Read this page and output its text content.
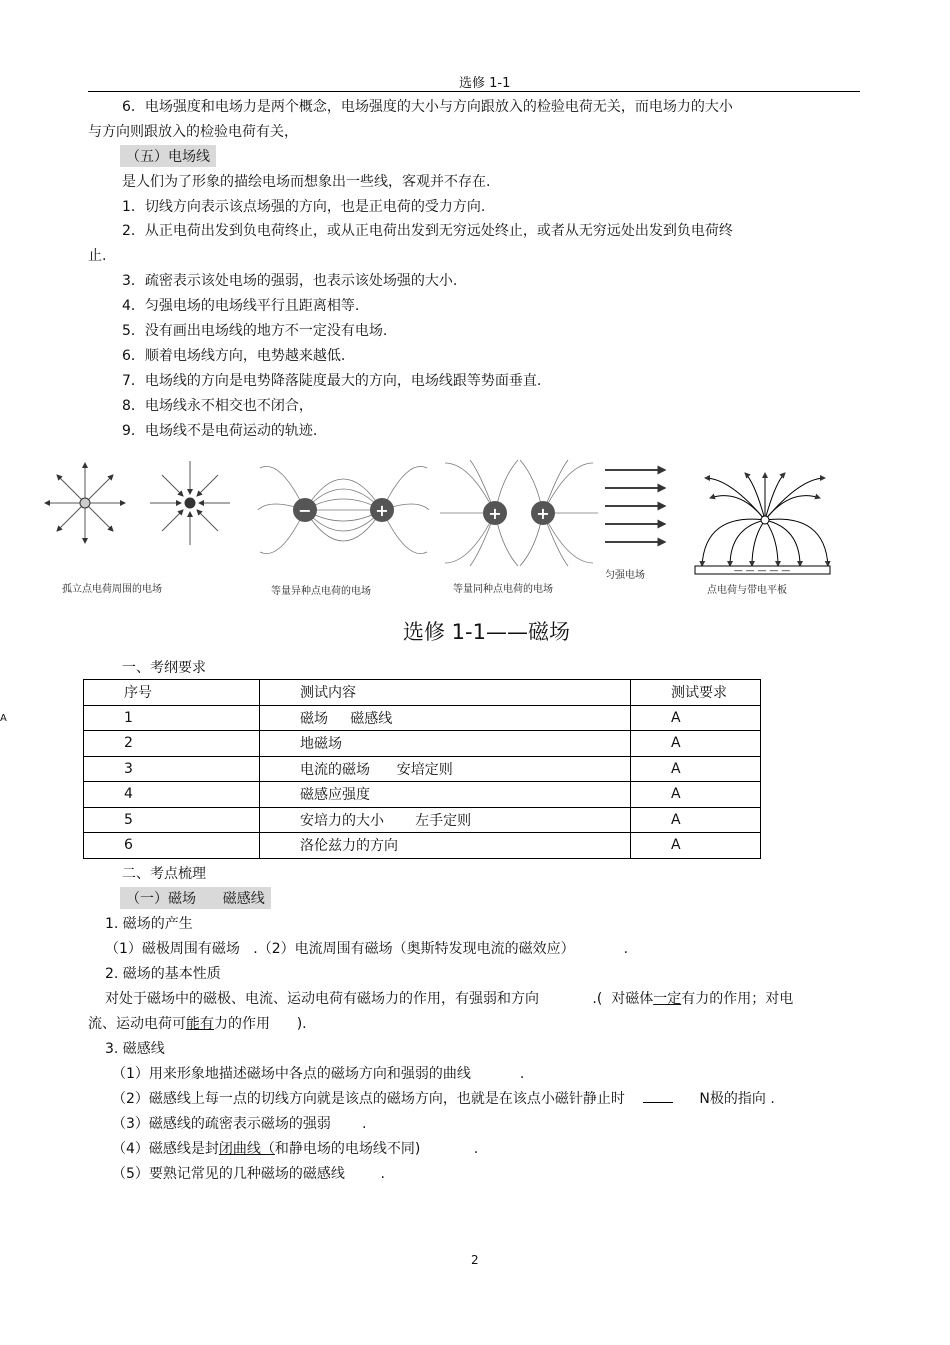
选修 1-1
6．电场强度和电场力是两个概念，电场强度的大小与方向跟放入的检验电荷无关，而电场力的大小
与方向则跟放入的检验电荷有关，
（五）电场线
是人们为了形象的描绘电场而想象出一些线，客观并不存在.
1．切线方向表示该点场强的方向，也是正电荷的受力方向.
2．从正电荷出发到负电荷终止，或从正电荷出发到无穷远处终止，或者从无穷远处出发到负电荷终
止.
3．疏密表示该处电场的强弱，也表示该处场强的大小.
4．匀强电场的电场线平行且距离相等.
5．没有画出电场线的地方不一定没有电场.
6．顺着电场线方向，电势越来越低.
7．电场线的方向是电势降落陡度最大的方向，电场线跟等势面垂直.
8．电场线永不相交也不闭合，
9．电场线不是电荷运动的轨迹.
−	+	+ +
— — — — —
孤立点电荷周围的电场	等量异种点电荷的电场	等量同种点电荷的电场
匀强电场
点电荷与带电平板
选修 1-1——磁场
一、考纲要求
A
序号	测试内容	测试要求
1	磁场     磁感线	A
2	地磁场	A
3	电流的磁场      安培定则	A
4	磁感应强度	A
5	安培力的大小       左手定则	A
6	洛伦兹力的方向	A
二、考点梳理
（一）磁场      磁感线
1. 磁场的产生
（1）磁极周围有磁场   .（2）电流周围有磁场（奥斯特发现电流的磁效应）           .
2. 磁场的基本性质
对处于磁场中的磁极、电流、运动电荷有磁场力的作用，有强弱和方向            .(  对磁体一定有力的作用；对电
流、运动电荷可能有力的作用      ).
3. 磁感线
（1）用来形象地描述磁场中各点的磁场方向和强弱的曲线           .
（2）磁感线上每一点的切线方向就是该点的磁场方向，也就是在该点小磁针静止时	N极的指向 .
（3）磁感线的疏密表示磁场的强弱       .
（4）磁感线是封闭曲线（和静电场的电场线不同)            .
（5）要熟记常见的几种磁场的磁感线        .
2
